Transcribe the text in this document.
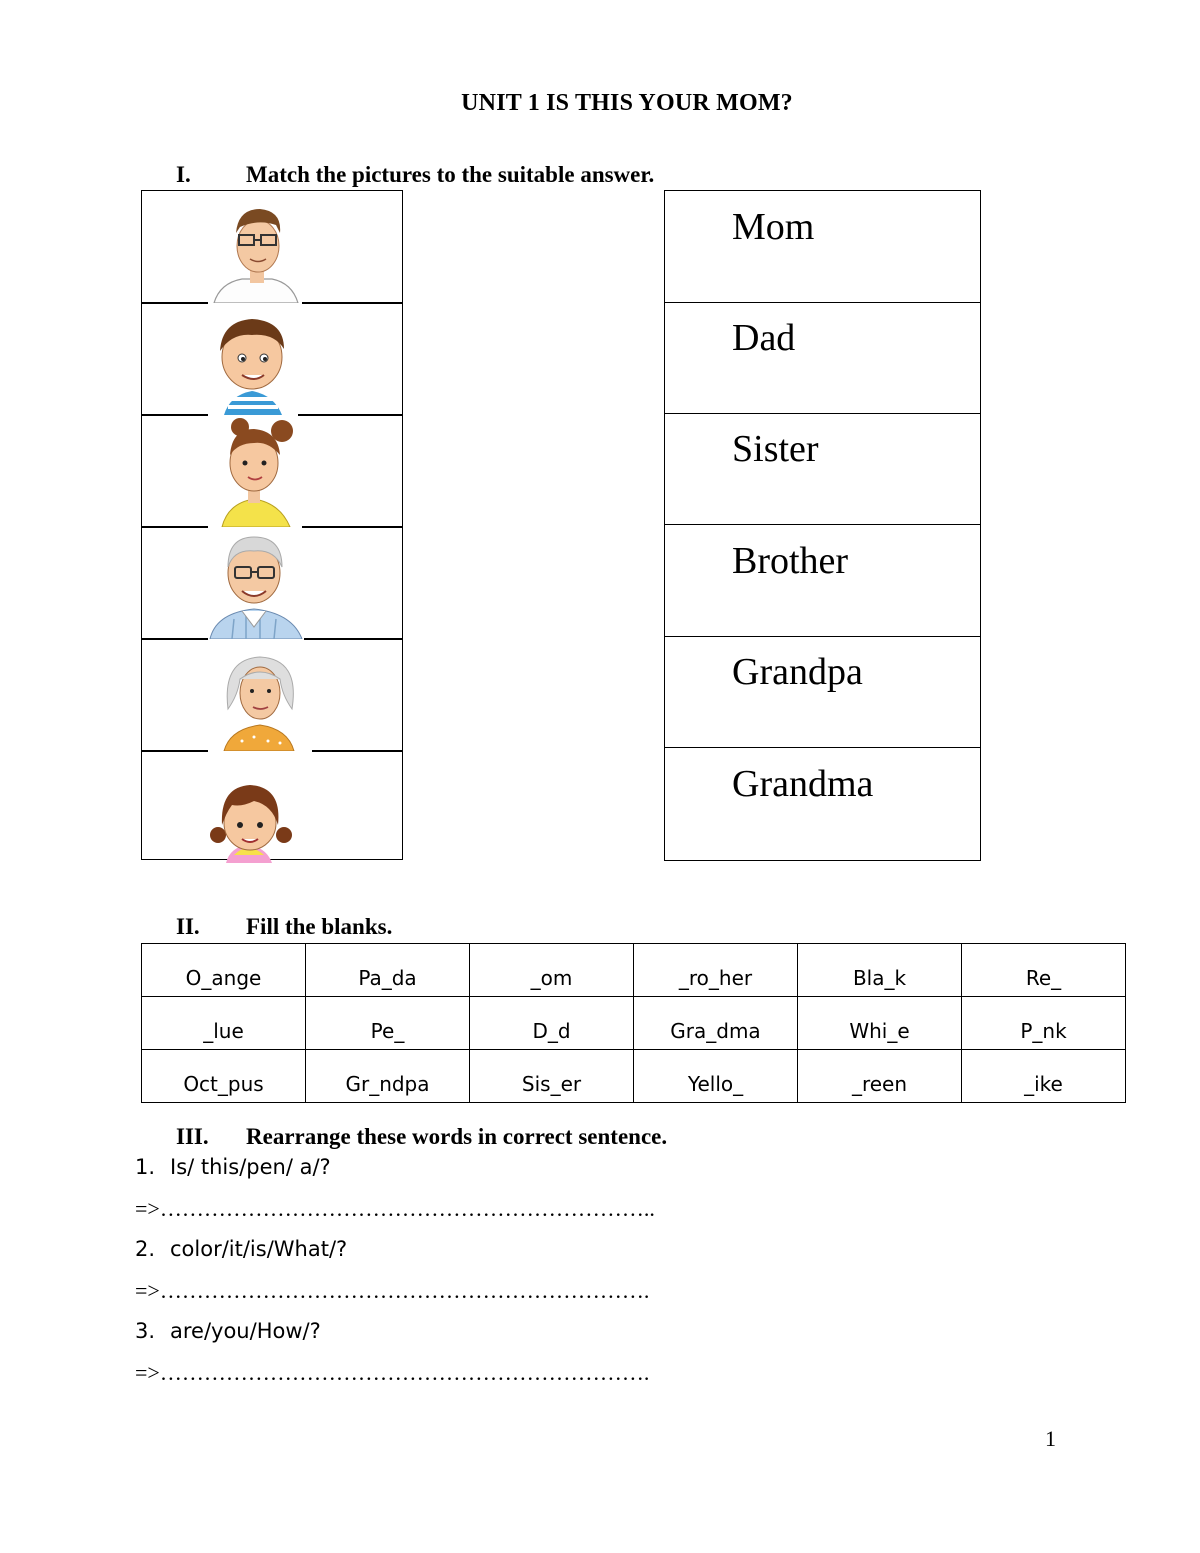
UNIT 1 IS THIS YOUR MOM?
I. Match the pictures to the suitable answer.
Mom
Dad
Sister
Brother
Grandpa
Grandma
II. Fill the blanks.
O_ange	Pa_da	_om	_ro_her	Bla_k	Re_
_lue	Pe_	D_d	Gra_dma	Whi_e	P_nk
Oct_pus	Gr_ndpa	Sis_er	Yello_	_reen	_ike
III. Rearrange these words in correct sentence.
1. Is/ this/pen/ a/?
=>…………………………………………………………..
2. color/it/is/What/?
=>………………………………………………………….
3. are/you/How/?
=>………………………………………………………….
1
